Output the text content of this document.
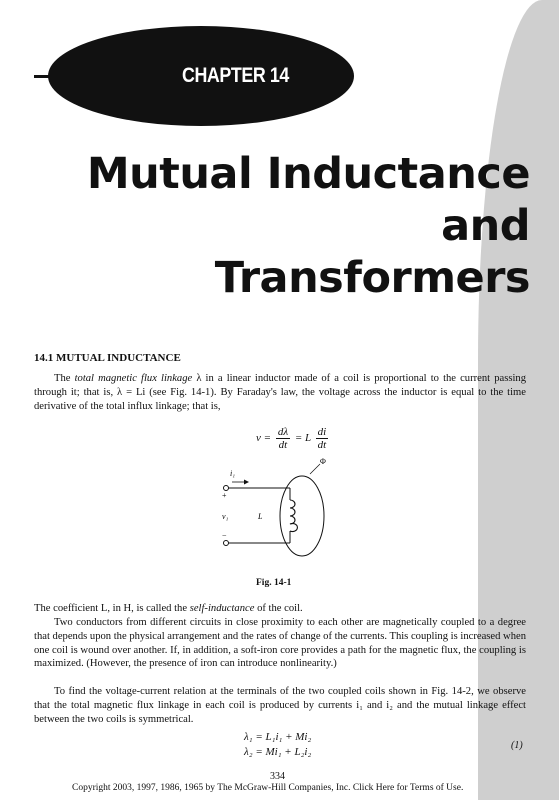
CHAPTER 14
Mutual Inductance and
Transformers
14.1 MUTUAL INDUCTANCE

The total magnetic flux linkage λ in a linear inductor made of a coil is proportional to the current passing through it; that is, λ = Li (see Fig. 14-1). By Faraday's law, the voltage across the inductor is equal to the time derivative of the total influx linkage; that is,

$v = \frac{d\lambda}{dt} = L \frac{di}{dt}$
i₁
+
−
v₁	L
Φ
Fig. 14-1

The coefficient L, in H, is called the self-inductance of the coil.

Two conductors from different circuits in close proximity to each other are magnetically coupled to a degree that depends upon the physical arrangement and the rates of change of the currents. This coupling is increased when one coil is wound over another. If, in addition, a soft-iron core provides a path for the magnetic flux, the coupling is maximized. (However, the presence of iron can introduce nonlinearity.)

To find the voltage-current relation at the terminals of the two coupled coils shown in Fig. 14-2, we observe that the total magnetic flux linkage in each coil is produced by currents i₁ and i₂ and the mutual linkage effect between the two coils is symmetrical.

λ₁ = L₁i₁ + Mi₂
λ₂ = Mi₁ + L₂i₂
(1)
334
Copyright 2003, 1997, 1986, 1965 by The McGraw-Hill Companies, Inc. Click Here for Terms of Use.
